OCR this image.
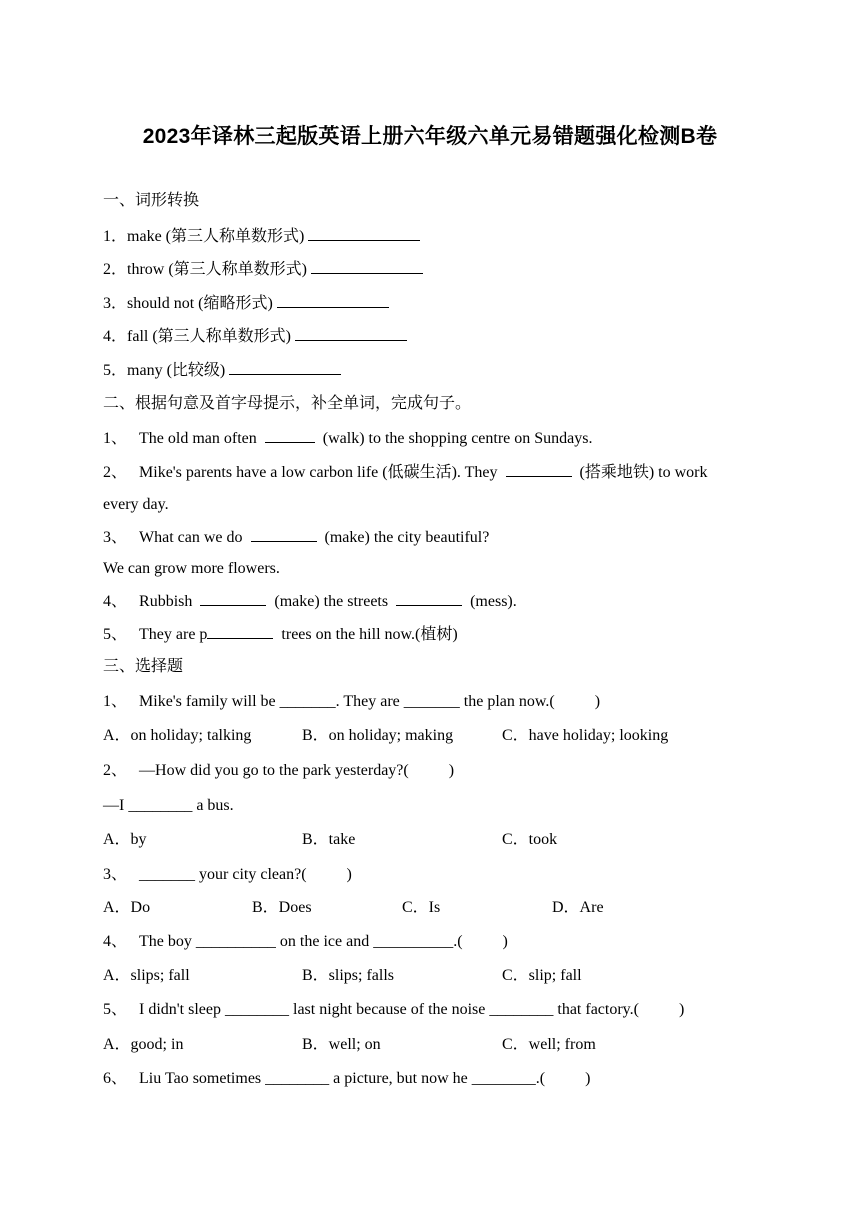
2023年译林三起版英语上册六年级六单元易错题强化检测B卷
一、词形转换
1．make (第三人称单数形式)
2．throw (第三人称单数形式)
3．should not (缩略形式)
4．fall (第三人称单数形式)
5．many (比较级)
二、根据句意及首字母提示，补全单词，完成句子。
1、 The old man often	(walk) to the shopping centre on Sundays.
2、 Mike's parents have a low carbon life (低碳生活). They	(搭乘地铁) to work
every day.
3、 What can we do	(make) the city beautiful?
We can grow more flowers.
4、 Rubbish	(make) the streets	(mess).
5、 They are p	trees on the hill now.(植树)
三、选择题
1、 Mike's family will be _______. They are _______ the plan now.(          )
A．on holiday; talking	B．on holiday; making	C．have holiday; looking
2、 —How did you go to the park yesterday?(          )
—I ________ a bus.
A．by	B．take	C．took
3、 _______ your city clean?(          )
A．Do	B．Does	C．Is	D．Are
4、 The boy __________ on the ice and __________.(          )
A．slips; fall	B．slips; falls	C．slip; fall
5、 I didn't sleep ________ last night because of the noise ________ that factory.(          )
A．good; in	B．well; on	C．well; from
6、 Liu Tao sometimes ________ a picture, but now he ________.(          )
